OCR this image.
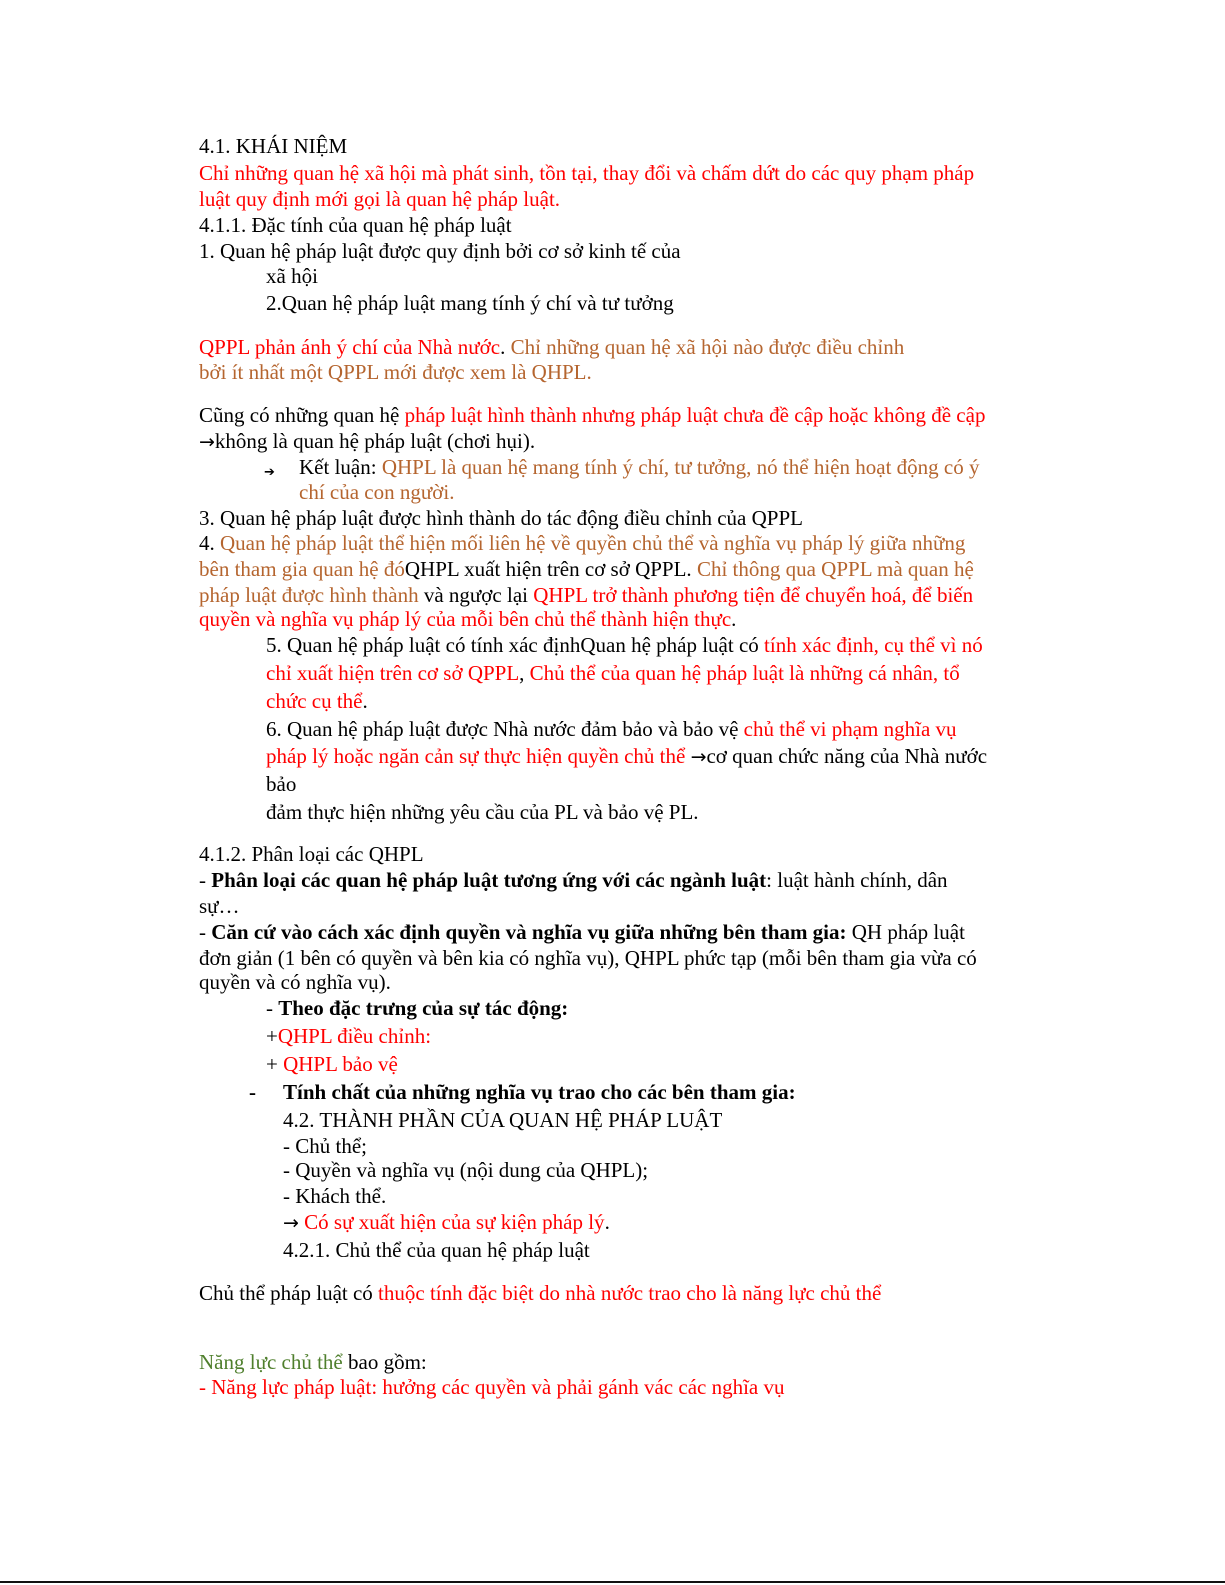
4.1. KHÁI NIỆM
Chỉ những quan hệ xã hội mà phát sinh, tồn tại, thay đổi và chấm dứt do các quy phạm pháp
luật quy định mới gọi là quan hệ pháp luật.
4.1.1. Đặc tính của quan hệ pháp luật
1. Quan hệ pháp luật được quy định bởi cơ sở kinh tế của
xã hội
2.Quan hệ pháp luật mang tính ý chí và tư tưởng
QPPL phản ánh ý chí của Nhà nước. Chỉ những quan hệ xã hội nào được điều chỉnh
bởi ít nhất một QPPL mới được xem là QHPL.
Cũng có những quan hệ pháp luật hình thành nhưng pháp luật chưa đề cập hoặc không đề cập
→không là quan hệ pháp luật (chơi hụi).
➔ Kết luận: QHPL là quan hệ mang tính ý chí, tư tưởng, nó thể hiện hoạt động có ý
chí của con người.
3. Quan hệ pháp luật được hình thành do tác động điều chỉnh của QPPL
4. Quan hệ pháp luật thể hiện mối liên hệ về quyền chủ thể và nghĩa vụ pháp lý giữa những
bên tham gia quan hệ đóQHPL xuất hiện trên cơ sở QPPL. Chỉ thông qua QPPL mà quan hệ
pháp luật được hình thành và ngược lại QHPL trở thành phương tiện để chuyển hoá, để biến
quyền và nghĩa vụ pháp lý của mỗi bên chủ thể thành hiện thực.
5. Quan hệ pháp luật có tính xác địnhQuan hệ pháp luật có tính xác định, cụ thể vì nó
chỉ xuất hiện trên cơ sở QPPL, Chủ thể của quan hệ pháp luật là những cá nhân, tổ
chức cụ thể.
6. Quan hệ pháp luật được Nhà nước đảm bảo và bảo vệ chủ thể vi phạm nghĩa vụ
pháp lý hoặc ngăn cản sự thực hiện quyền chủ thể →cơ quan chức năng của Nhà nước
bảo
đảm thực hiện những yêu cầu của PL và bảo vệ PL.
4.1.2. Phân loại các QHPL
- Phân loại các quan hệ pháp luật tương ứng với các ngành luật: luật hành chính, dân
sự…
- Căn cứ vào cách xác định quyền và nghĩa vụ giữa những bên tham gia: QH pháp luật
đơn giản (1 bên có quyền và bên kia có nghĩa vụ), QHPL phức tạp (mỗi bên tham gia vừa có
quyền và có nghĩa vụ).
- Theo đặc trưng của sự tác động:
+QHPL điều chỉnh:
+ QHPL bảo vệ
- Tính chất của những nghĩa vụ trao cho các bên tham gia:
4.2. THÀNH PHẦN CỦA QUAN HỆ PHÁP LUẬT
- Chủ thể;
- Quyền và nghĩa vụ (nội dung của QHPL);
- Khách thể.
→ Có sự xuất hiện của sự kiện pháp lý.
4.2.1. Chủ thể của quan hệ pháp luật
Chủ thể pháp luật có thuộc tính đặc biệt do nhà nước trao cho là năng lực chủ thể
Năng lực chủ thể bao gồm:
- Năng lực pháp luật: hưởng các quyền và phải gánh vác các nghĩa vụ
